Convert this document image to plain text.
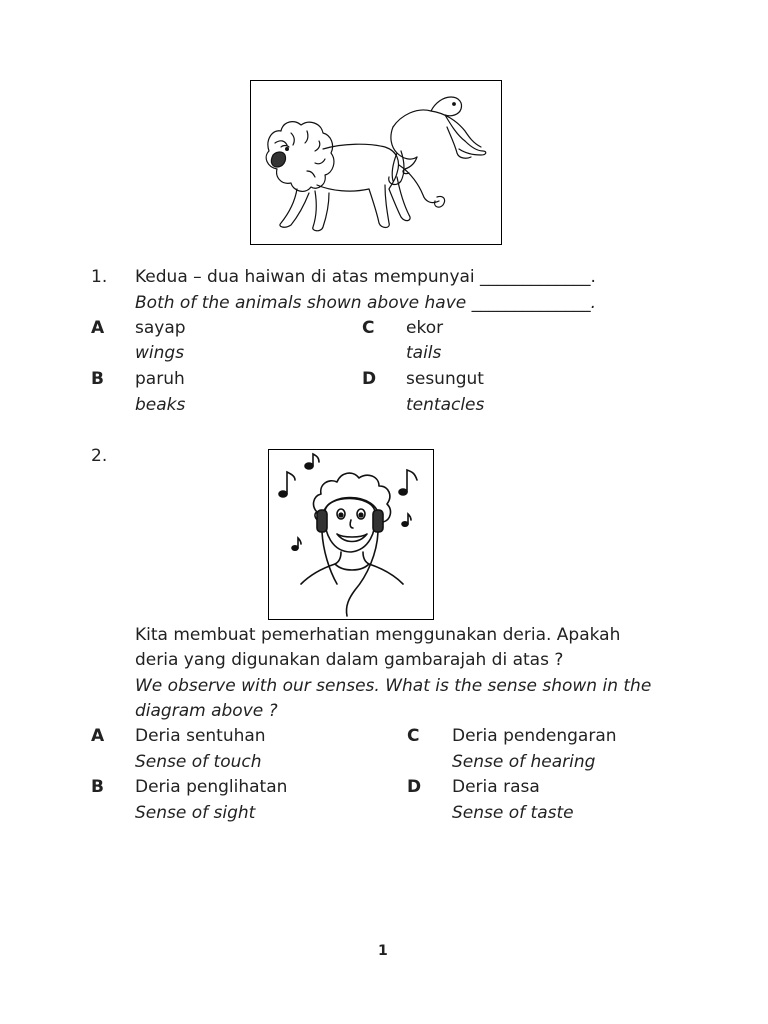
1. Kedua – dua haiwan di atas mempunyai _____________.
Both of the animals shown above have ______________.
A sayap
wings
B paruh
beaks
C ekor
tails
D sesungut
tentacles
2.
Kita membuat pemerhatian menggunakan deria. Apakah
deria yang digunakan dalam gambarajah di atas ?
We observe with our senses. What is the sense shown in the
diagram above ?
A Deria sentuhan
Sense of touch
B Deria penglihatan
Sense of sight
C Deria pendengaran
Sense of hearing
D Deria rasa
Sense of taste
1
